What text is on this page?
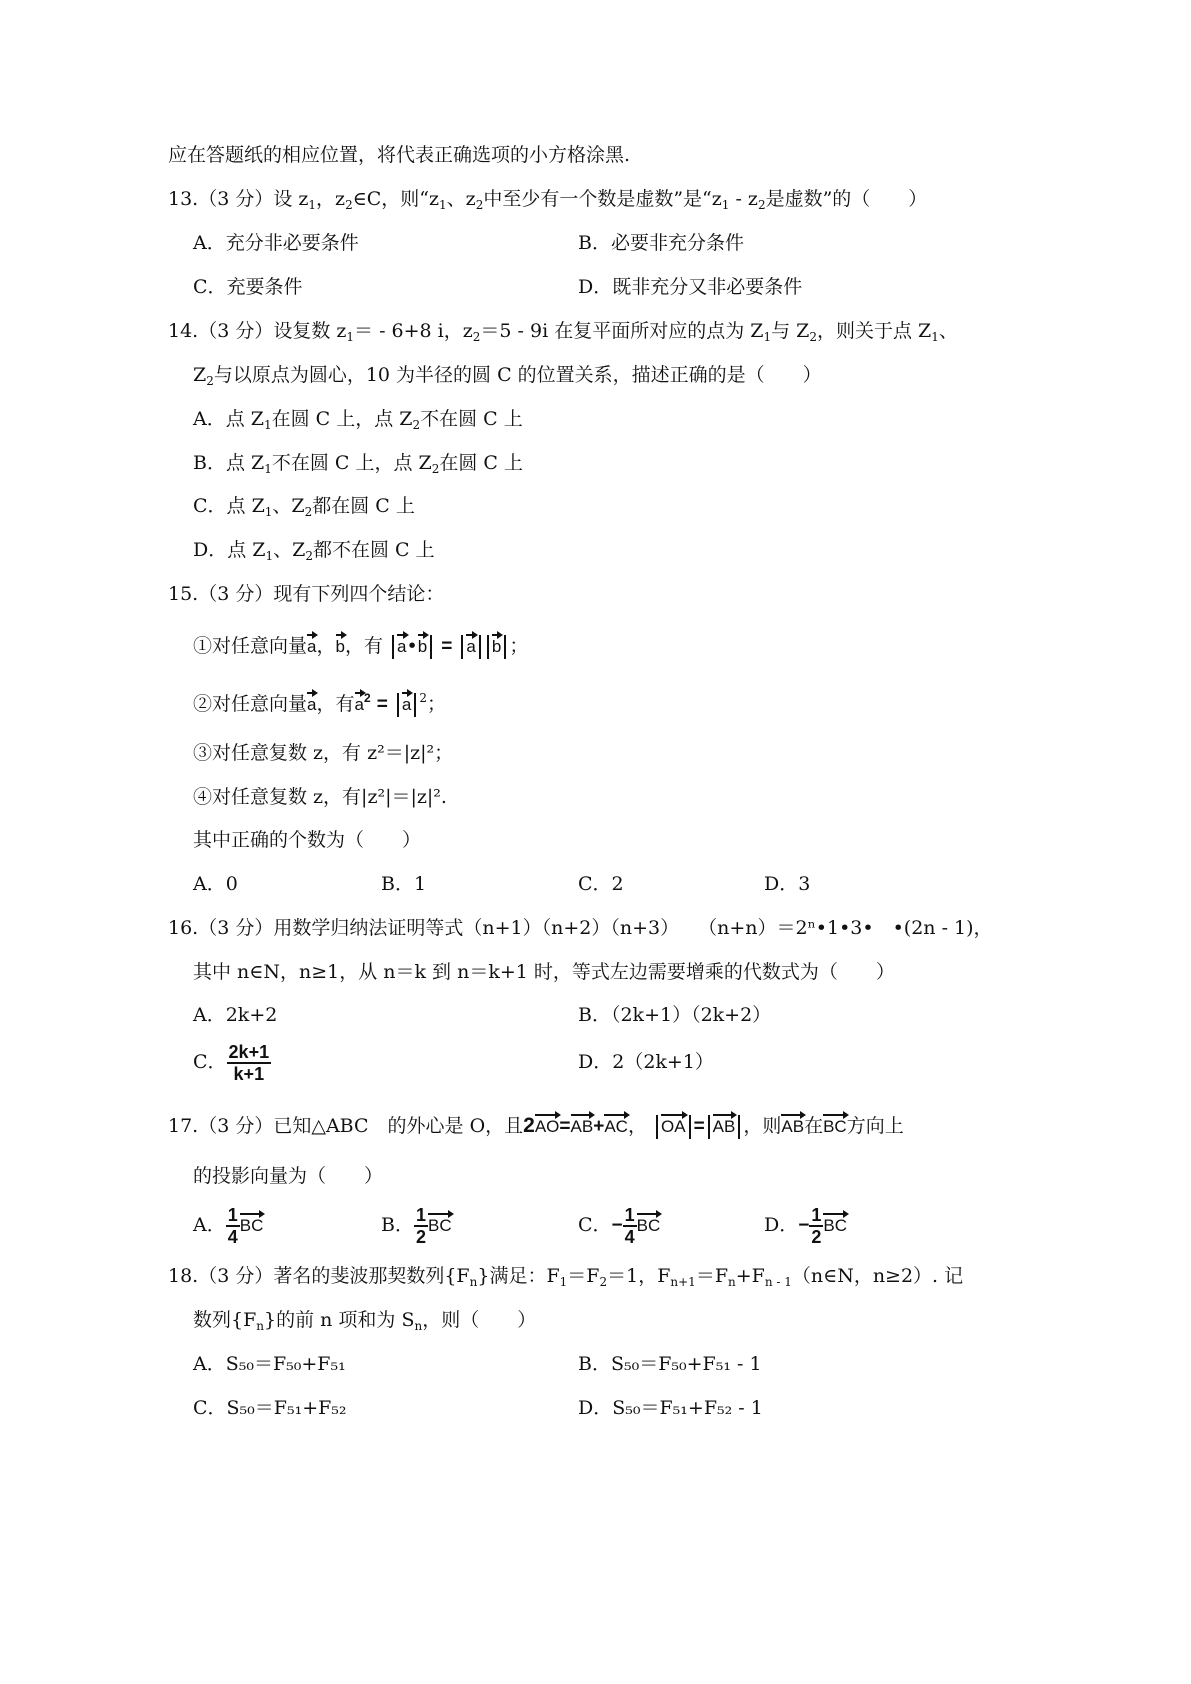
应在答题纸的相应位置，将代表正确选项的小方格涂黑.
13.（3 分）设 $z_1$，$z_2\in C$，则“$z_1$、$z_2$中至少有一个数是虚数”是“$z_1 - z_2$是虚数”的（　　）
A．充分非必要条件	B．必要非充分条件
C．充要条件	D．既非充分又非必要条件
14.（3 分）设复数 $z_1= - 6+8$ i，$z_2=5 - 9i$ 在复平面所对应的点为 $Z_1$与 $Z_2$，则关于点 $Z_1$、
$Z_2$与以原点为圆心，10 为半径的圆 C 的位置关系，描述正确的是（　　）
A．点 $Z_1$在圆 C 上，点 $Z_2$不在圆 C 上
B．点 $Z_1$不在圆 C 上，点 $Z_2$在圆 C 上
C．点 $Z_1$、$Z_2$都在圆 C 上
D．点 $Z_1$、$Z_2$都不在圆 C 上
15.（3 分）现有下列四个结论：
①对任意向量a，b，有 a•b = a b ；
②对任意向量a，有$a^2 = a$ $^2$；
③对任意复数 z，有 z²＝|z|²；
④对任意复数 z，有|z²|＝|z|².
其中正确的个数为（　　）
A．0	B．1	C．2	D．3
16.（3 分）用数学归纳法证明等式（n+1）（n+2）（n+3）　　（n+n）＝2ⁿ•1•3•　•(2n - 1)，
其中 n∈N，n≥1，从 n＝k 到 n＝k+1 时，等式左边需要增乘的代数式为（　　）
A．2k+2	B．（2k+1）（2k+2）
C． $\frac{2k+1}{k+1}$	D．2（2k+1）
17.（3 分）已知△ABC　的外心是 O，且2AO=AB+AC， OA = AB ，则AB在BC方向上
的投影向量为（　　）
A． $\frac{1}{4}$ BC	B． $\frac{1}{2}$ BC	C．− $\frac{1}{4}$ BC	D．− $\frac{1}{2}$ BC
18.（3 分）著名的斐波那契数列$\{F_n\}$满足：$F_1=F_2=1$，$F_{n+1}=F_n+F_{n - 1}(n\in N$，n≥2）. 记
数列$\{F_n\}$的前 n 项和为 $S_n$，则（　　）
A．S₅₀＝F₅₀+F₅₁	B．S₅₀＝F₅₀+F₅₁ - 1
C．S₅₀＝F₅₁+F₅₂	D．S₅₀＝F₅₁+F₅₂ - 1
